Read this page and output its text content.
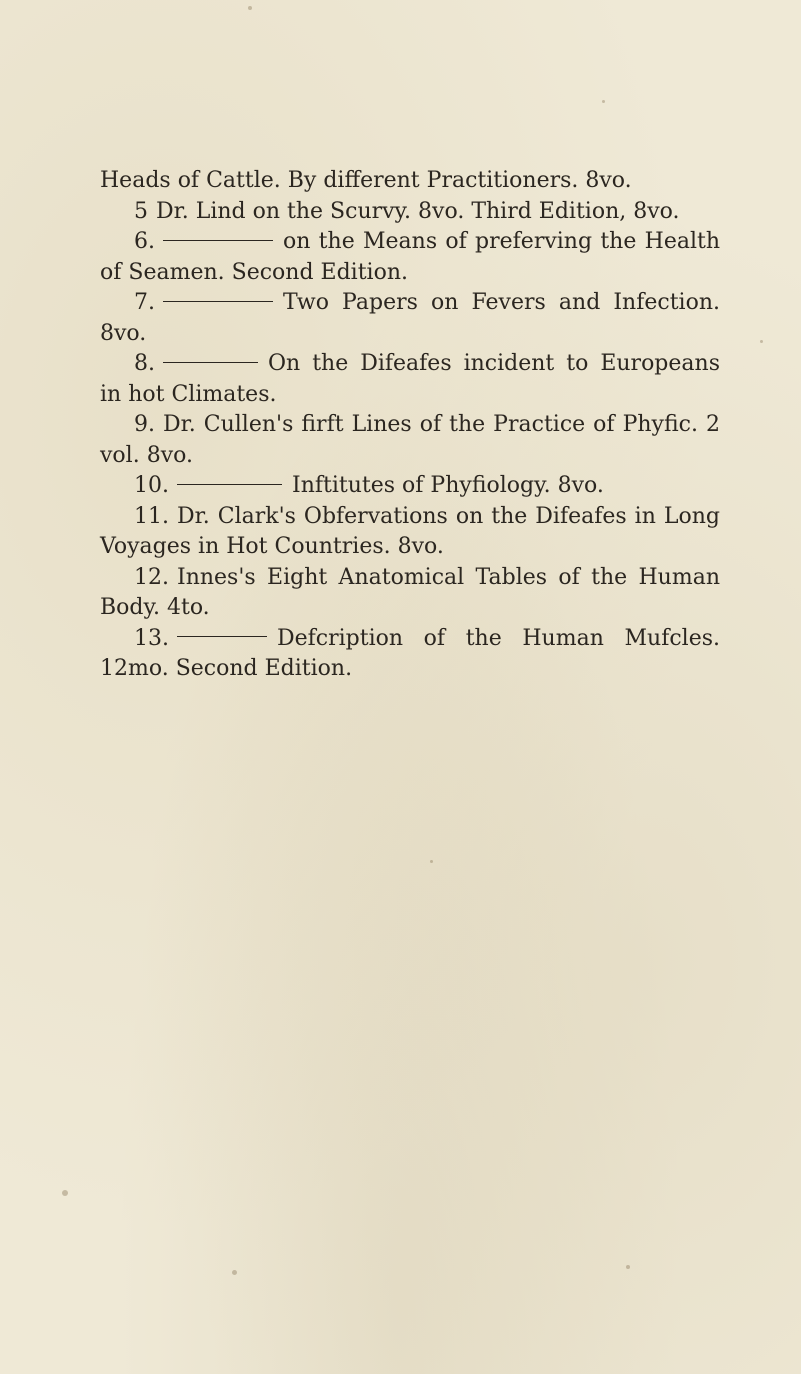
Heads of Cattle. By different Practitioners. 8vo.

5 Dr. Lind on the Scurvy. 8vo. Third Edition, 8vo.

6.	on the Means of preferving the Health of Seamen. Second Edition.

7.	Two Papers on Fevers and Infection. 8vo.

8.	On the Difeafes incident to Europeans in hot Climates.

9. Dr. Cullen's firft Lines of the Practice of Phyfic. 2 vol. 8vo.

10.	Inftitutes of Phyfiology. 8vo.

11. Dr. Clark's Obfervations on the Difeafes in Long Voyages in Hot Countries. 8vo.

12. Innes's Eight Anatomical Tables of the Human Body. 4to.

13.	Defcription of the Human Mufcles. 12mo. Second Edition.
